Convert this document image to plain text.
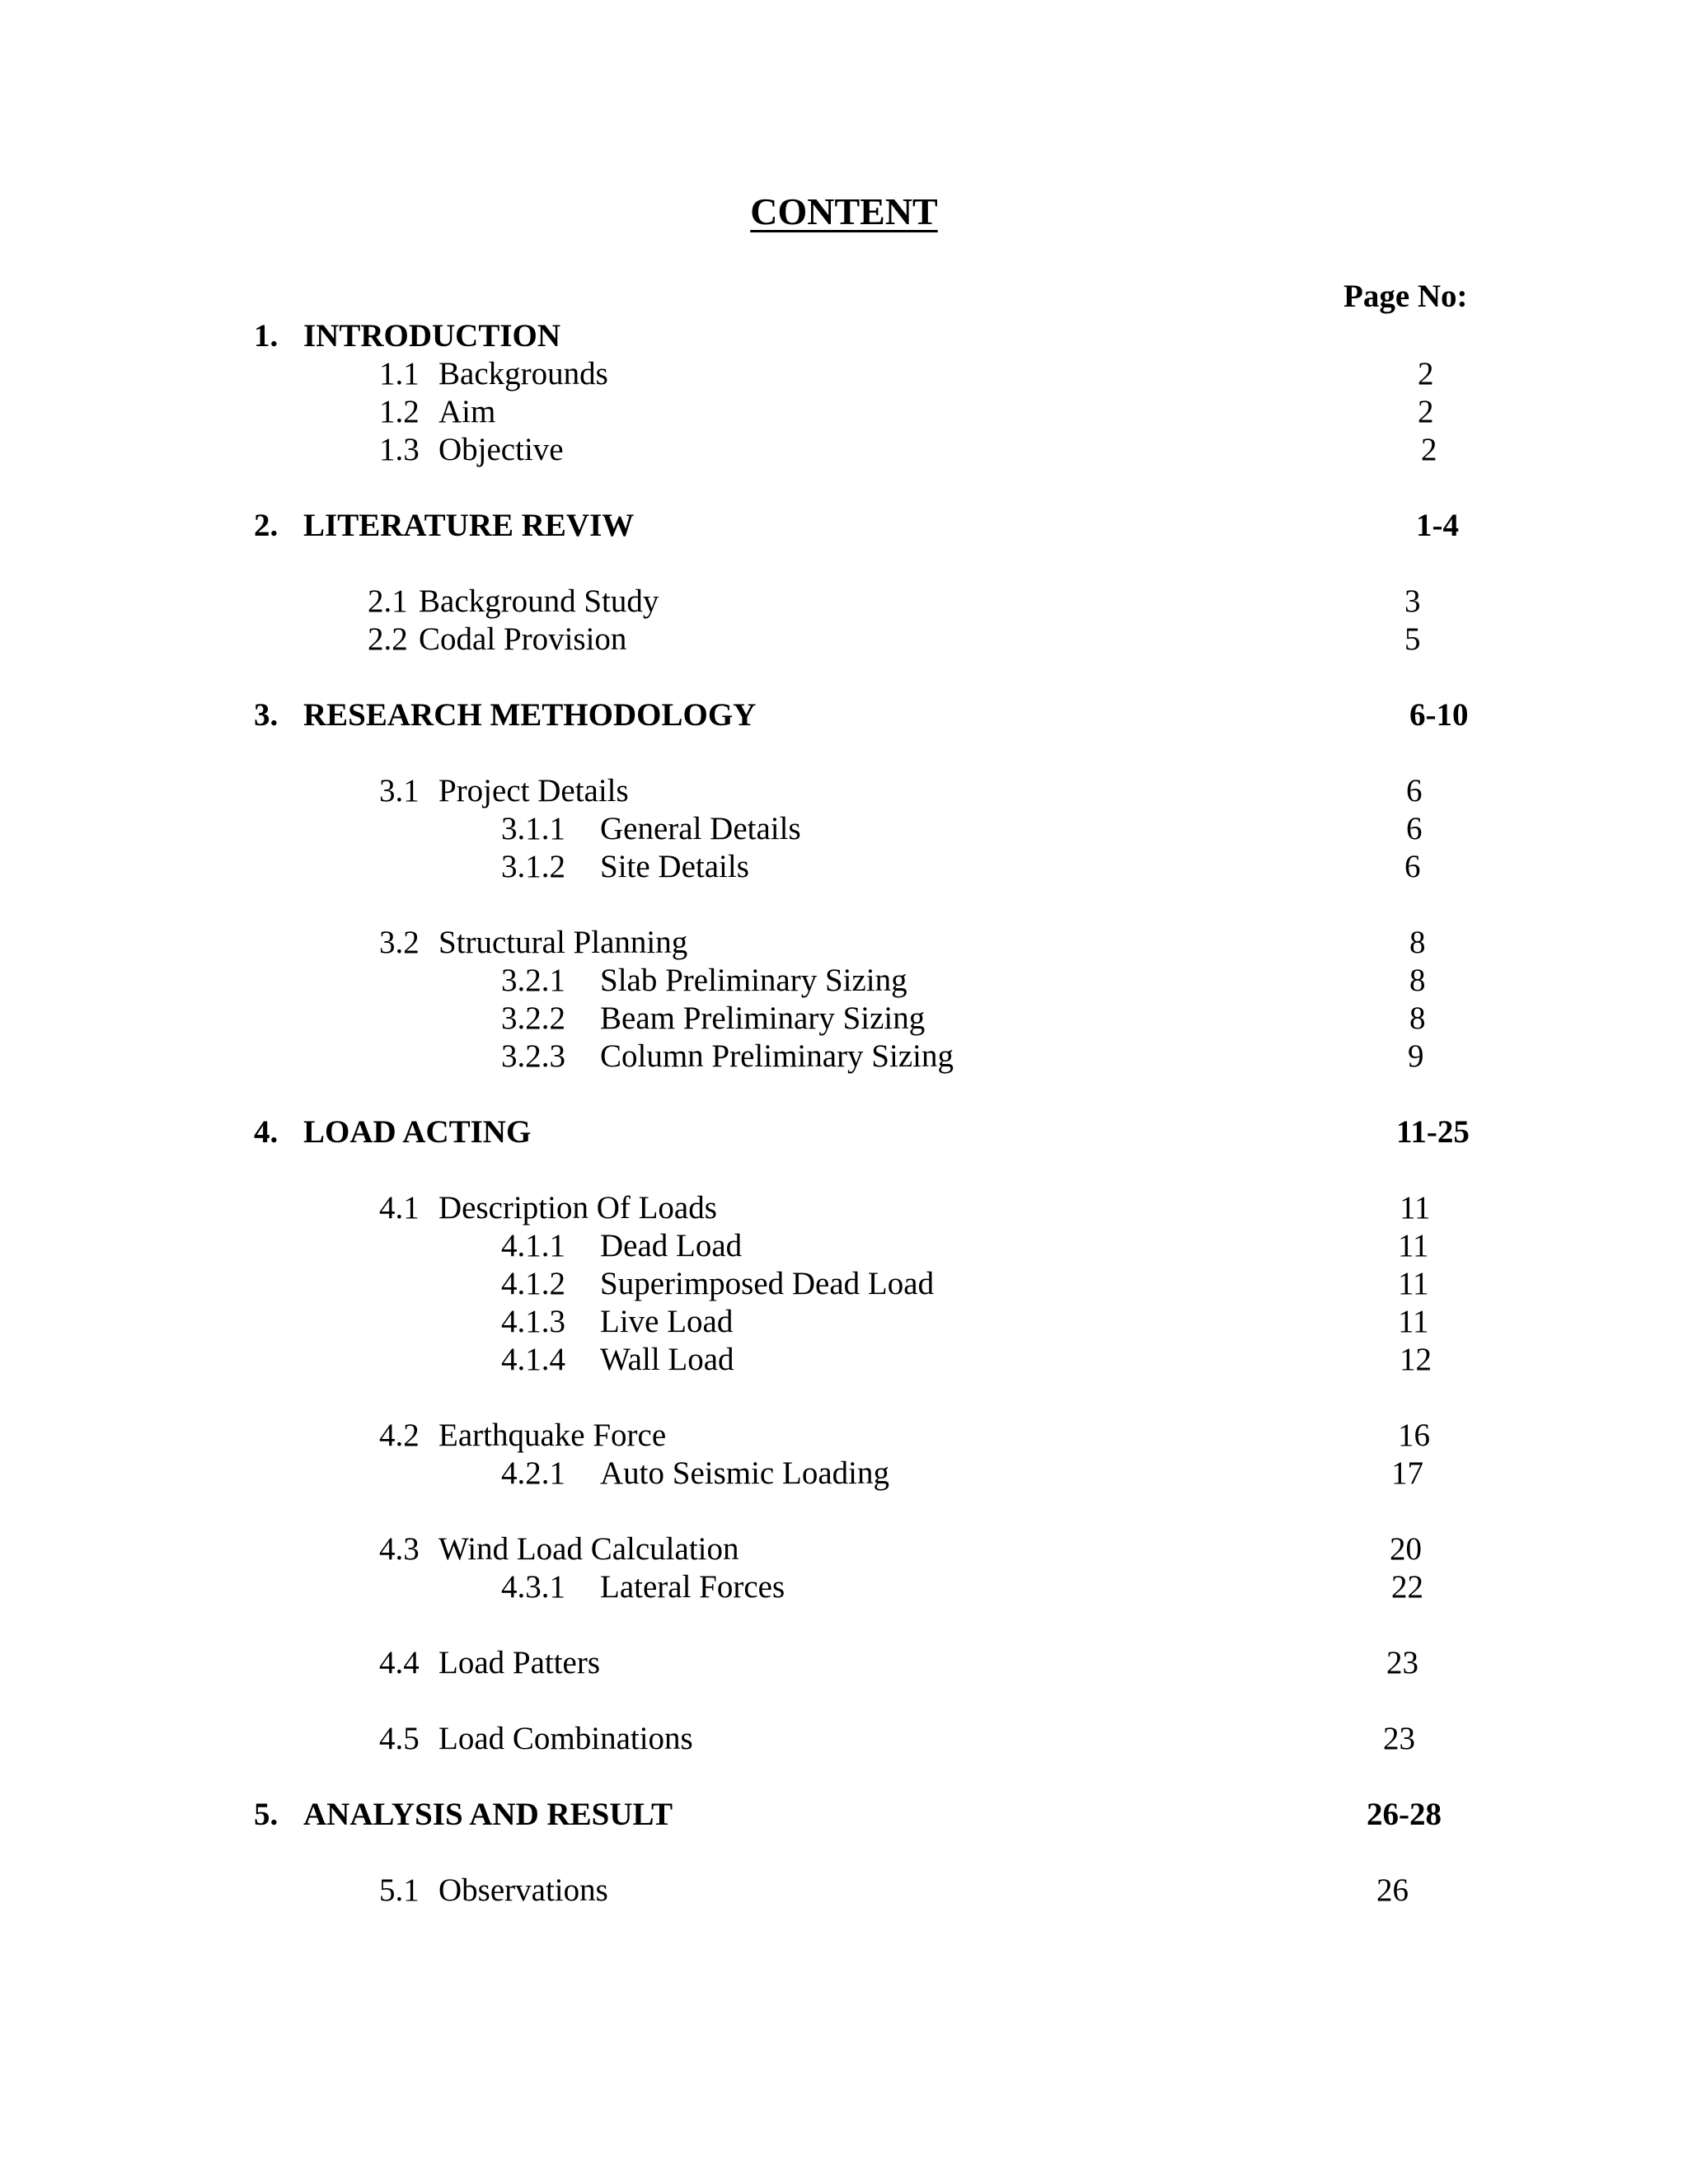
CONTENT
Page No:
1. INTRODUCTION
1.1 Backgrounds	2
1.2 Aim	2
1.3 Objective	2
2. LITERATURE REVIW	1-4
2.1 Background Study	3
2.2 Codal Provision	5
3. RESEARCH METHODOLOGY	6-10
3.1 Project Details	6
3.1.1 General Details	6
3.1.2 Site Details	6
3.2 Structural Planning	8
3.2.1 Slab Preliminary Sizing	8
3.2.2 Beam Preliminary Sizing	8
3.2.3 Column Preliminary Sizing	9
4. LOAD ACTING	11-25
4.1 Description Of Loads	11
4.1.1 Dead Load	11
4.1.2 Superimposed Dead Load	11
4.1.3 Live Load	11
4.1.4 Wall Load	12
4.2 Earthquake Force	16
4.2.1 Auto Seismic Loading	17
4.3 Wind Load Calculation	20
4.3.1 Lateral Forces	22
4.4 Load Patters	23
4.5 Load Combinations	23
5. ANALYSIS AND RESULT	26-28
5.1 Observations	26
